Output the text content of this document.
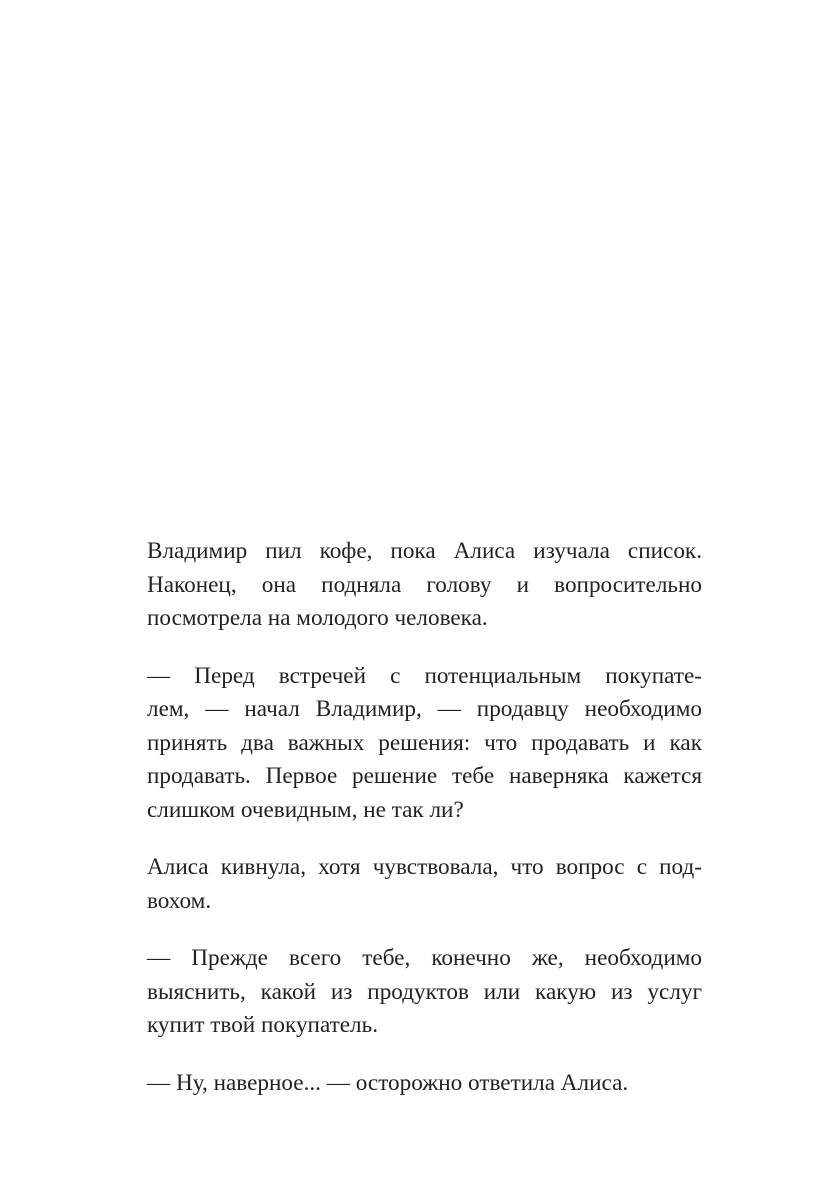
Владимир пил кофе, пока Алиса изучала список.
Наконец, она подняла голову и вопросительно
посмотрела на молодого человека.

— Перед встречей с потенциальным покупате-
лем, — начал Владимир, — продавцу необходимо
принять два важных решения: что продавать и как
продавать. Первое решение тебе наверняка кажется
слишком очевидным, не так ли?

Алиса кивнула, хотя чувствовала, что вопрос с под-
вохом.

— Прежде всего тебе, конечно же, необходимо
выяснить, какой из продуктов или какую из услуг
купит твой покупатель.

— Ну, наверное... — осторожно ответила Алиса.
